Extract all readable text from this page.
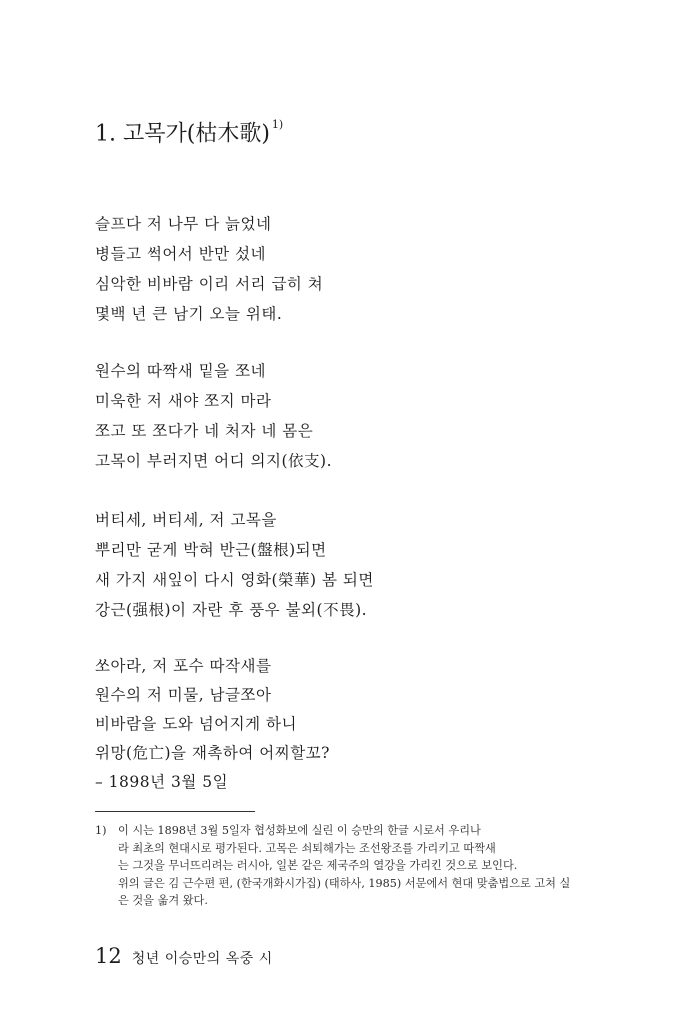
1. 고목가(枯木歌) $^{1)}$
슬프다 저 나무 다 늙었네
병들고 썩어서 반만 섰네
심악한 비바람 이리 서리 급히 쳐
몇백 년 큰 남기 오늘 위태.
원수의 따짝새 밑을 쪼네
미욱한 저 새야 쪼지 마라
쪼고 또 쪼다가 네 처자 네 몸은
고목이 부러지면 어디 의지(依支).
버티세, 버티세, 저 고목을
뿌리만 굳게 박혀 반근(盤根)되면
새 가지 새잎이 다시 영화(榮華) 봄 되면
강근(强根)이 자란 후 풍우 불외(不畏).
쏘아라, 저 포수 따작새를
원수의 저 미물, 남글쪼아
비바람을 도와 넘어지게 하니
위망(危亡)을 재촉하여 어찌할꼬?
– 1898년 3월 5일
1) 이 시는 1898년 3월 5일자 협성화보에 실린 이 승만의 한글 시로서 우리나
라 최초의 현대시로 평가된다. 고목은 쇠퇴해가는 조선왕조를 가리키고 따짝새
는 그것을 무너뜨리려는 러시아, 일본 같은 제국주의 열강을 가리킨 것으로 보인다.
위의 글은 김 근수편 편, (한국개화시가집) (태하사, 1985) 서문에서 현대 맞춤법으로 고쳐 실
은 것을 옮겨 왔다.
12 청년 이승만의 옥중 시
